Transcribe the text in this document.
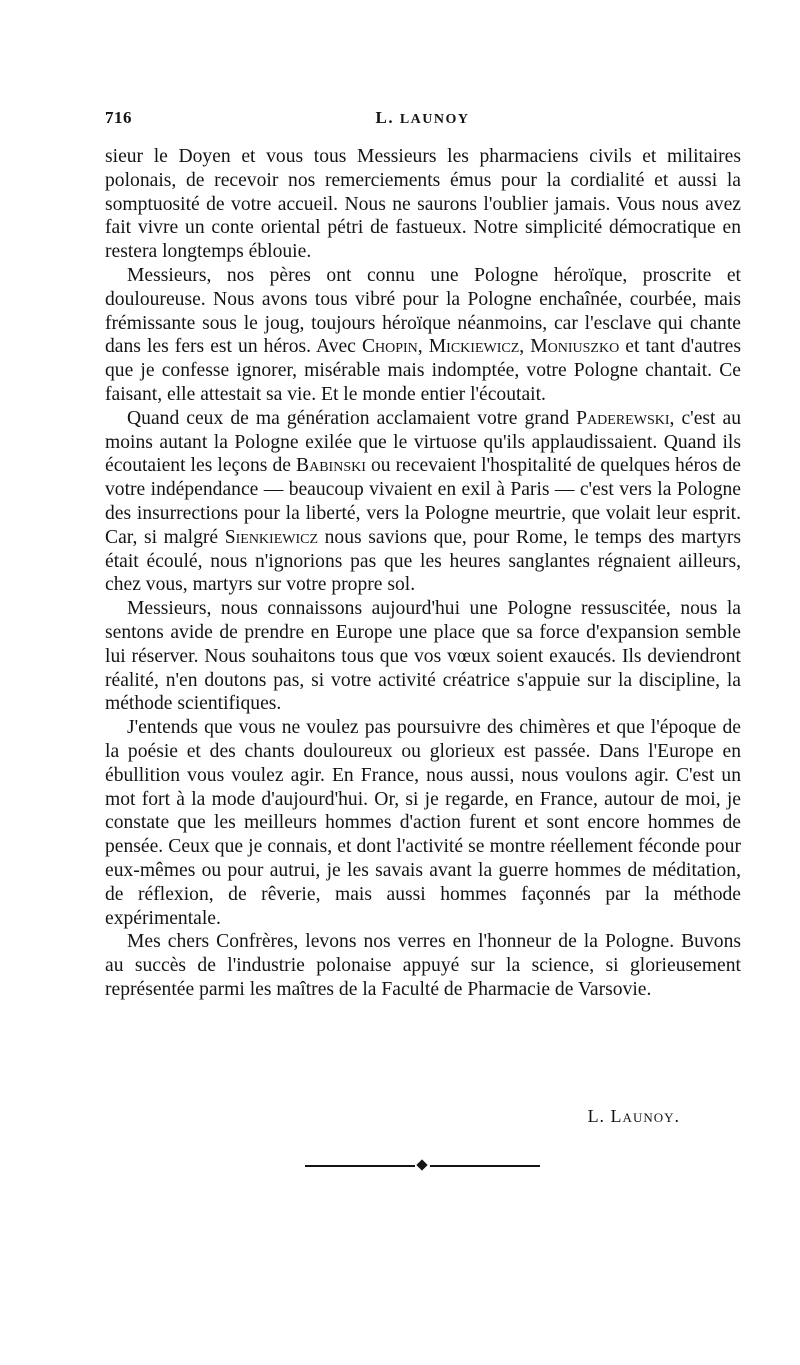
716	L. LAUNOY

sieur le Doyen et vous tous Messieurs les pharmaciens civils et militaires polonais, de recevoir nos remerciements émus pour la cordialité et aussi la somptuosité de votre accueil. Nous ne saurons l'oublier jamais. Vous nous avez fait vivre un conte oriental pétri de fastueux. Notre simplicité démocratique en restera longtemps éblouie.

Messieurs, nos pères ont connu une Pologne héroïque, proscrite et douloureuse. Nous avons tous vibré pour la Pologne enchaînée, courbée, mais frémissante sous le joug, toujours héroïque néanmoins, car l'esclave qui chante dans les fers est un héros. Avec Chopin, Mickiewicz, Moniuszko et tant d'autres que je confesse ignorer, misérable mais indomptée, votre Pologne chantait. Ce faisant, elle attestait sa vie. Et le monde entier l'écoutait.

Quand ceux de ma génération acclamaient votre grand Paderewski, c'est au moins autant la Pologne exilée que le virtuose qu'ils applaudissaient. Quand ils écoutaient les leçons de Babinski ou recevaient l'hospitalité de quelques héros de votre indépendance — beaucoup vivaient en exil à Paris — c'est vers la Pologne des insurrections pour la liberté, vers la Pologne meurtrie, que volait leur esprit. Car, si malgré Sienkiewicz nous savions que, pour Rome, le temps des martyrs était écoulé, nous n'ignorions pas que les heures sanglantes régnaient ailleurs, chez vous, martyrs sur votre propre sol.

Messieurs, nous connaissons aujourd'hui une Pologne ressuscitée, nous la sentons avide de prendre en Europe une place que sa force d'expansion semble lui réserver. Nous souhaitons tous que vos vœux soient exaucés. Ils deviendront réalité, n'en doutons pas, si votre activité créatrice s'appuie sur la discipline, la méthode scientifiques.

J'entends que vous ne voulez pas poursuivre des chimères et que l'époque de la poésie et des chants douloureux ou glorieux est passée. Dans l'Europe en ébullition vous voulez agir. En France, nous aussi, nous voulons agir. C'est un mot fort à la mode d'aujourd'hui. Or, si je regarde, en France, autour de moi, je constate que les meilleurs hommes d'action furent et sont encore hommes de pensée. Ceux que je connais, et dont l'activité se montre réellement féconde pour eux-mêmes ou pour autrui, je les savais avant la guerre hommes de méditation, de réflexion, de rêverie, mais aussi hommes façonnés par la méthode expérimentale.

Mes chers Confrères, levons nos verres en l'honneur de la Pologne. Buvons au succès de l'industrie polonaise appuyé sur la science, si glorieusement représentée parmi les maîtres de la Faculté de Pharmacie de Varsovie.

L. Launoy.
